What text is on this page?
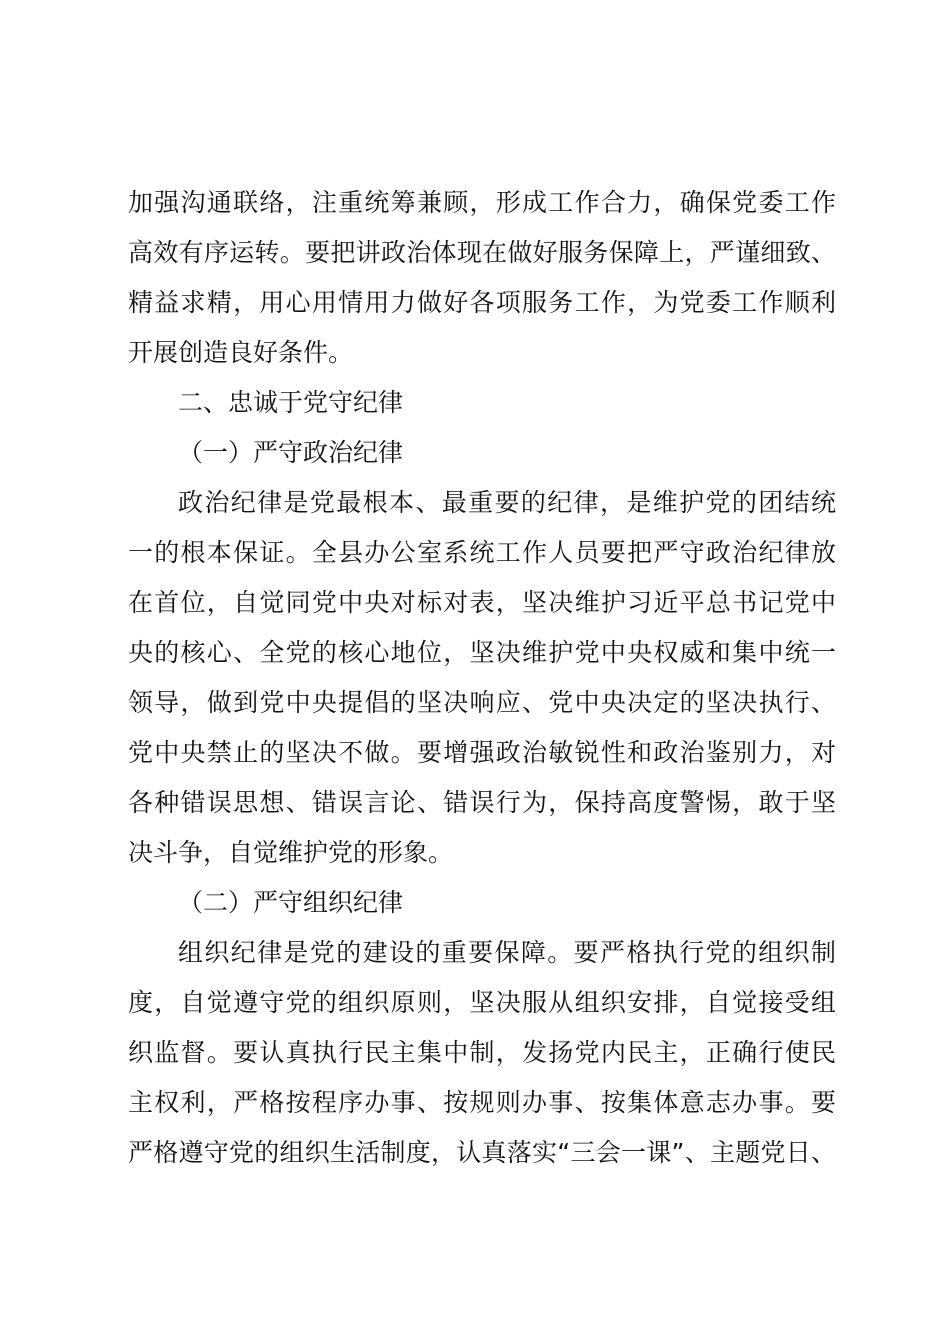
加强沟通联络，注重统筹兼顾，形成工作合力，确保党委工作
高效有序运转。要把讲政治体现在做好服务保障上，严谨细致、
精益求精，用心用情用力做好各项服务工作，为党委工作顺利
开展创造良好条件。
二、忠诚于党守纪律
（一）严守政治纪律
政治纪律是党最根本、最重要的纪律，是维护党的团结统
一的根本保证。全县办公室系统工作人员要把严守政治纪律放
在首位，自觉同党中央对标对表，坚决维护习近平总书记党中
央的核心、全党的核心地位，坚决维护党中央权威和集中统一
领导，做到党中央提倡的坚决响应、党中央决定的坚决执行、
党中央禁止的坚决不做。要增强政治敏锐性和政治鉴别力，对
各种错误思想、错误言论、错误行为，保持高度警惕，敢于坚
决斗争，自觉维护党的形象。
（二）严守组织纪律
组织纪律是党的建设的重要保障。要严格执行党的组织制
度，自觉遵守党的组织原则，坚决服从组织安排，自觉接受组
织监督。要认真执行民主集中制，发扬党内民主，正确行使民
主权利，严格按程序办事、按规则办事、按集体意志办事。要
严格遵守党的组织生活制度，认真落实“三会一课”、主题党日、
